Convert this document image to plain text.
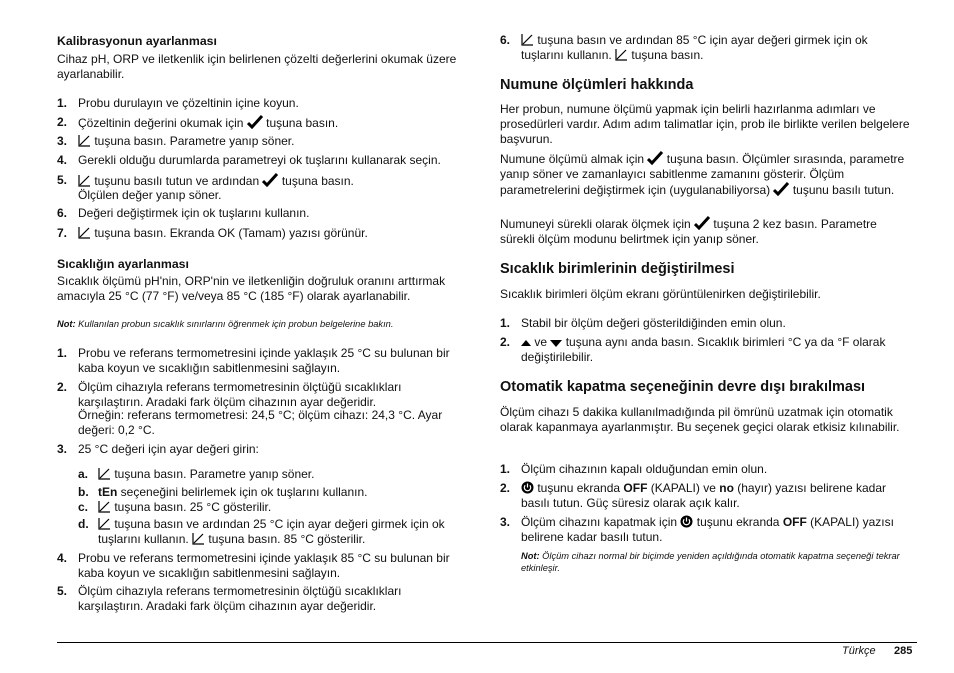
Kalibrasyonun ayarlanması

Cihaz pH, ORP ve iletkenlik için belirlenen çözelti değerlerini okumak üzere ayarlanabilir.

1. Probu durulayın ve çözeltinin içine koyun.
2. Çözeltinin değerini okumak için tuşuna basın.
3.	tuşuna basın. Parametre yanıp söner.
4. Gerekli olduğu durumlarda parametreyi ok tuşlarını kullanarak seçin.
5.	tuşunu basılı tutun ve ardından tuşuna basın.
Ölçülen değer yanıp söner.
6. Değeri değiştirmek için ok tuşlarını kullanın.
7.	tuşuna basın. Ekranda OK (Tamam) yazısı görünür.
Sıcaklığın ayarlanması

Sıcaklık ölçümü pH'nin, ORP'nin ve iletkenliğin doğruluk oranını arttırmak amacıyla 25 °C (77 °F) ve/veya 85 °C (185 °F) olarak ayarlanabilir.

Not: Kullanılan probun sıcaklık sınırlarını öğrenmek için probun belgelerine bakın.

1. Probu ve referans termometresini içinde yaklaşık 25 °C su bulunan bir kaba koyun ve sıcaklığın sabitlenmesini sağlayın.
2. Ölçüm cihazıyla referans termometresinin ölçtüğü sıcaklıkları karşılaştırın. Aradaki fark ölçüm cihazının ayar değeridir.
Örneğin: referans termometresi: 24,5 °C; ölçüm cihazı: 24,3 °C. Ayar değeri: 0,2 °C.
3. 25 °C değeri için ayar değeri girin:
a.	tuşuna basın. Parametre yanıp söner.
b. tEn seçeneğini belirlemek için ok tuşlarını kullanın.
c.	tuşuna basın. 25 °C gösterilir.
d.	tuşuna basın ve ardından 25 °C için ayar değeri girmek için ok
tuşlarını kullanın. tuşuna basın. 85 °C gösterilir.
4. Probu ve referans termometresini içinde yaklaşık 85 °C su bulunan bir kaba koyun ve sıcaklığın sabitlenmesini sağlayın.
5. Ölçüm cihazıyla referans termometresinin ölçtüğü sıcaklıkları karşılaştırın. Aradaki fark ölçüm cihazının ayar değeridir.
6.	tuşuna basın ve ardından 85 °C için ayar değeri girmek için ok
tuşlarını kullanın. tuşuna basın.
Numune ölçümleri hakkında

Her probun, numune ölçümü yapmak için belirli hazırlanma adımları ve prosedürleri vardır. Adım adım talimatlar için, prob ile birlikte verilen belgelere başvurun.

Numune ölçümü almak için tuşuna basın. Ölçümler sırasında, parametre yanıp söner ve zamanlayıcı sabitlenme zamanını gösterir. Ölçüm parametrelerini değiştirmek için (uygulanabiliyorsa) tuşunu basılı tutun.

Numuneyi sürekli olarak ölçmek için tuşuna 2 kez basın. Parametre sürekli ölçüm modunu belirtmek için yanıp söner.

Sıcaklık birimlerinin değiştirilmesi

Sıcaklık birimleri ölçüm ekranı görüntülenirken değiştirilebilir.

1. Stabil bir ölçüm değeri gösterildiğinden emin olun.
2.	ve tuşuna aynı anda basın. Sıcaklık birimleri °C ya da °F olarak değiştirilebilir.
Otomatik kapatma seçeneğinin devre dışı bırakılması

Ölçüm cihazı 5 dakika kullanılmadığında pil ömrünü uzatmak için otomatik olarak kapanmaya ayarlanmıştır. Bu seçenek geçici olarak etkisiz kılınabilir.

1. Ölçüm cihazının kapalı olduğundan emin olun.
2.	tuşunu ekranda OFF (KAPALI) ve no (hayır) yazısı belirene kadar basılı tutun. Güç süresiz olarak açık kalır.
3. Ölçüm cihazını kapatmak için tuşunu ekranda OFF (KAPALI) yazısı belirene kadar basılı tutun.

Not: Ölçüm cihazı normal bir biçimde yeniden açıldığında otomatik kapatma seçeneği tekrar etkinleşir.

Türkçe 285
